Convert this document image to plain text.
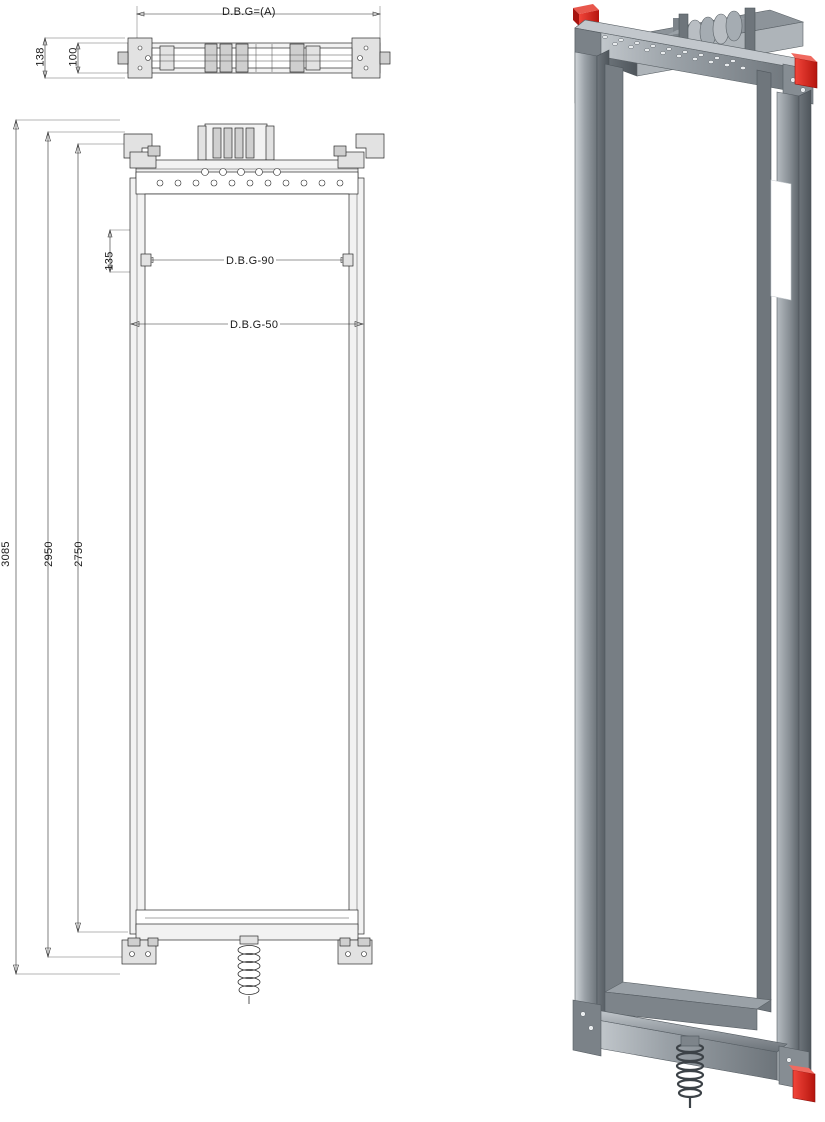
D.B.G=(A)
138 100
3085	2950 2750
135	D.B.G-90
D.B.G-50
